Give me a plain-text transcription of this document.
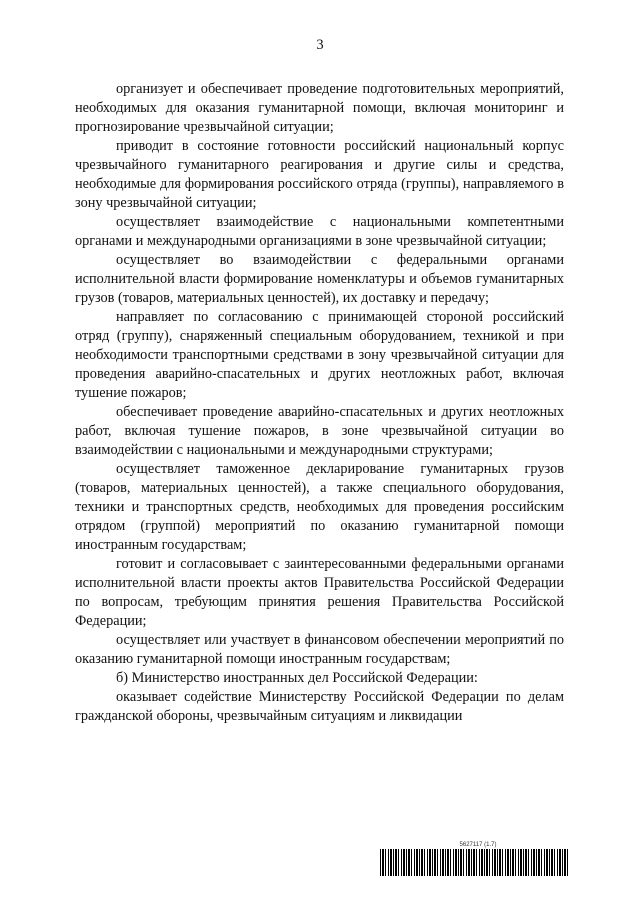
3

организует и обеспечивает проведение подготовительных мероприятий, необходимых для оказания гуманитарной помощи, включая мониторинг и прогнозирование чрезвычайной ситуации;

приводит в состояние готовности российский национальный корпус чрезвычайного гуманитарного реагирования и другие силы и средства, необходимые для формирования российского отряда (группы), направляемого в зону чрезвычайной ситуации;

осуществляет взаимодействие с национальными компетентными органами и международными организациями в зоне чрезвычайной ситуации;

осуществляет во взаимодействии с федеральными органами исполнительной власти формирование номенклатуры и объемов гуманитарных грузов (товаров, материальных ценностей), их доставку и передачу;

направляет по согласованию с принимающей стороной российский отряд (группу), снаряженный специальным оборудованием, техникой и при необходимости транспортными средствами в зону чрезвычайной ситуации для проведения аварийно-спасательных и других неотложных работ, включая тушение пожаров;

обеспечивает проведение аварийно-спасательных и других неотложных работ, включая тушение пожаров, в зоне чрезвычайной ситуации во взаимодействии с национальными и международными структурами;

осуществляет таможенное декларирование гуманитарных грузов (товаров, материальных ценностей), а также специального оборудования, техники и транспортных средств, необходимых для проведения российским отрядом (группой) мероприятий по оказанию гуманитарной помощи иностранным государствам;

готовит и согласовывает с заинтересованными федеральными органами исполнительной власти проекты актов Правительства Российской Федерации по вопросам, требующим принятия решения Правительства Российской Федерации;

осуществляет или участвует в финансовом обеспечении мероприятий по оказанию гуманитарной помощи иностранным государствам;

б) Министерство иностранных дел Российской Федерации:

оказывает содействие Министерству Российской Федерации по делам гражданской обороны, чрезвычайным ситуациям и ликвидации

5627117 (1.7)
